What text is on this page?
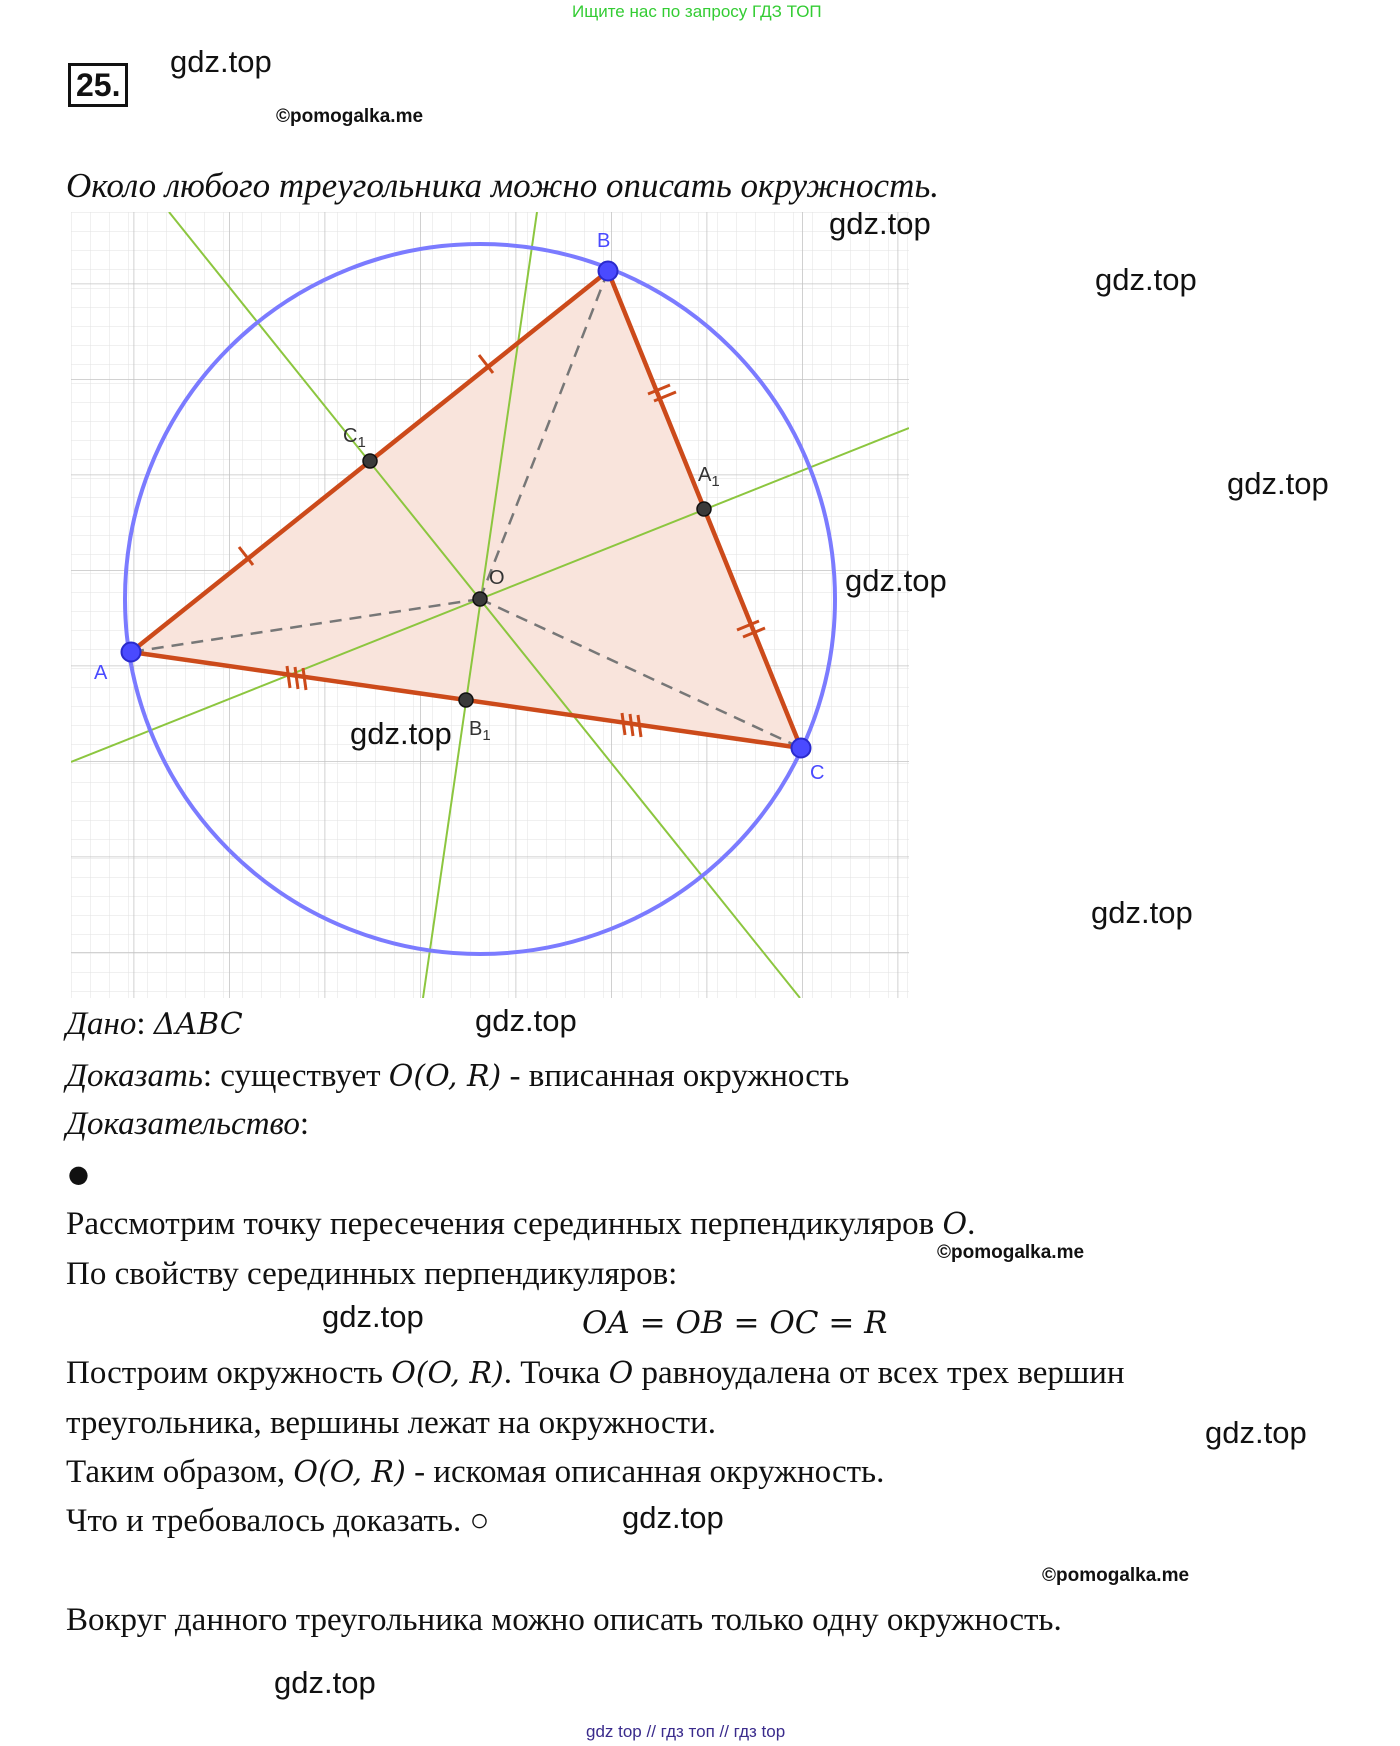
Ищите нас по запросу ГДЗ ТОП
25.
gdz.top
©pomogalka.me
Около любого треугольника можно описать окружность.
A
B
C
O
$C_1$
$A_1$
$B_1$
gdz.top
gdz.top
gdz.top
gdz.top
gdz.top
gdz.top
Дано: ΔABC	gdz.top
Доказать: существует O(O, R) - вписанная окружность
Доказательство:
●
Рассмотрим точку пересечения серединных перпендикуляров O.
©pomogalka.me
По свойству серединных перпендикуляров:
gdz.top	OA = OB = OC = R
Построим окружность O(O, R). Точка O равноудалена от всех трех вершин
треугольника, вершины лежат на окружности.	gdz.top
Таким образом, O(O, R) - искомая описанная окружность.
Что и требовалось доказать. ○	gdz.top
©pomogalka.me
Вокруг данного треугольника можно описать только одну окружность.
gdz.top
gdz top // гдз топ // гдз top
